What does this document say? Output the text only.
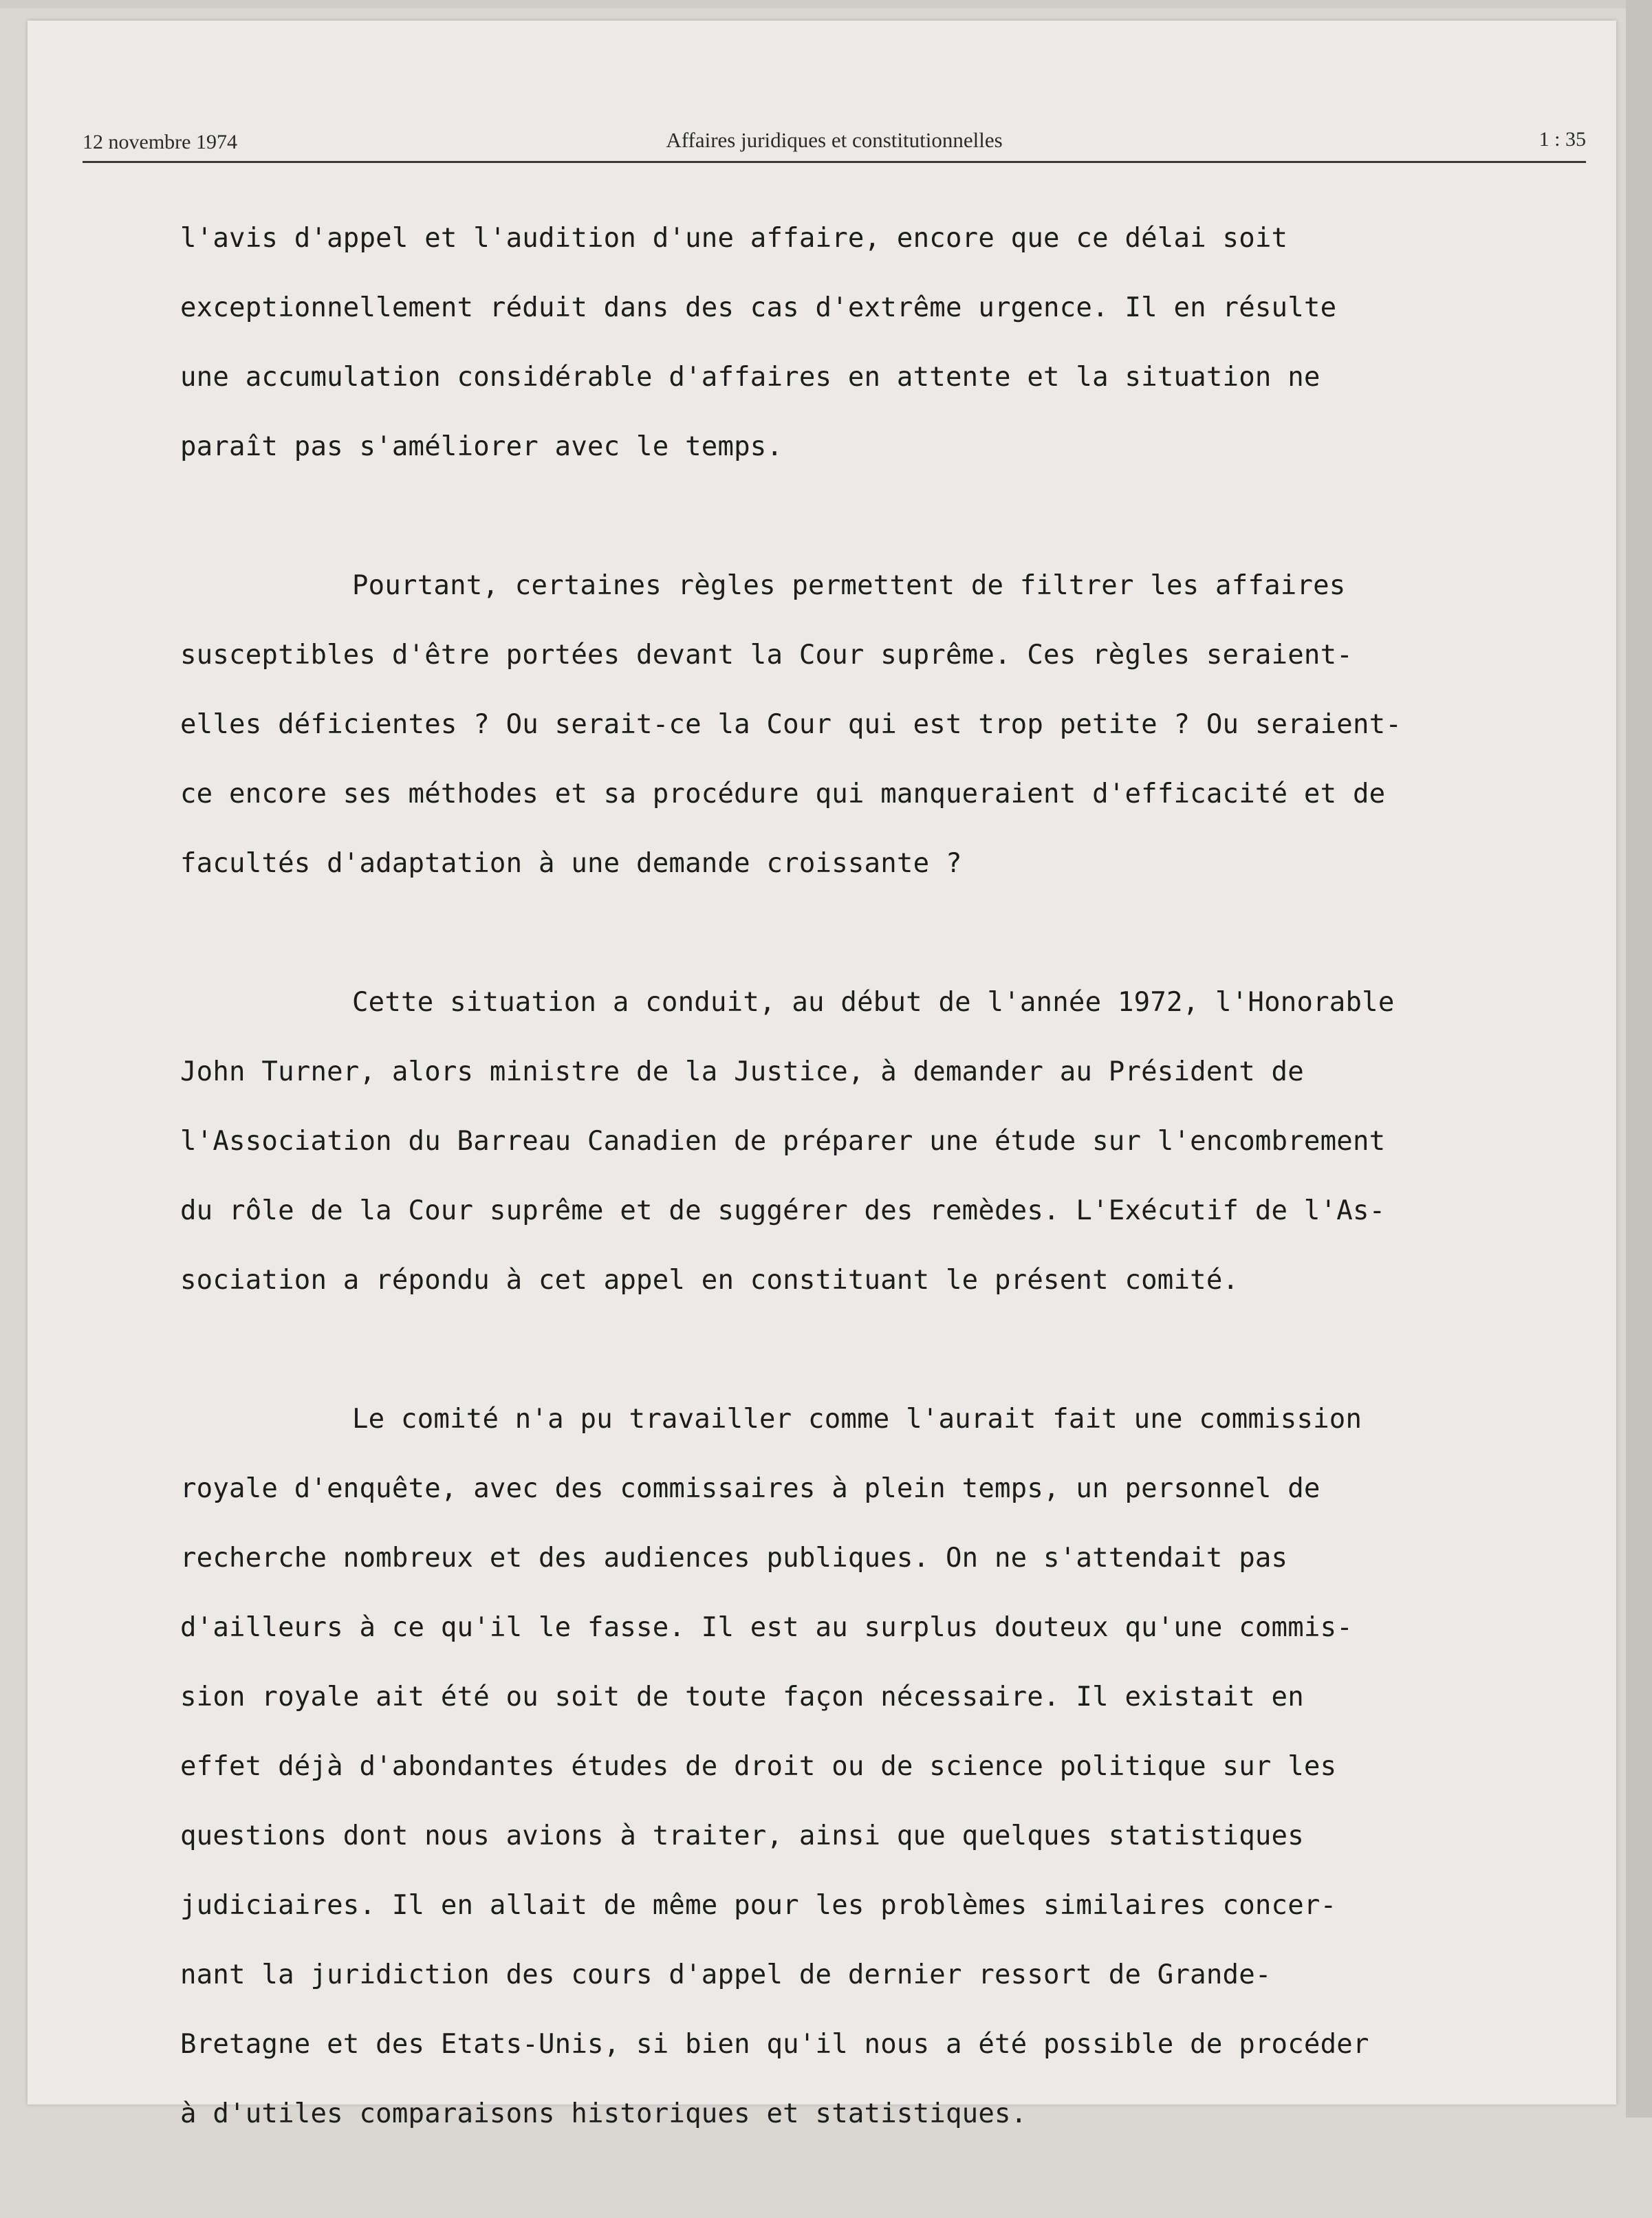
12 novembre 1974	Affaires juridiques et constitutionnelles	1 : 35
l'avis d'appel et l'audition d'une affaire, encore que ce délai soit
exceptionnellement réduit dans des cas d'extrême urgence. Il en résulte
une accumulation considérable d'affaires en attente et la situation ne
paraît pas s'améliorer avec le temps.
Pourtant, certaines règles permettent de filtrer les affaires
susceptibles d'être portées devant la Cour suprême. Ces règles seraient-
elles déficientes ? Ou serait-ce la Cour qui est trop petite ? Ou seraient-
ce encore ses méthodes et sa procédure qui manqueraient d'efficacité et de
facultés d'adaptation à une demande croissante ?
Cette situation a conduit, au début de l'année 1972, l'Honorable
John Turner, alors ministre de la Justice, à demander au Président de
l'Association du Barreau Canadien de préparer une étude sur l'encombrement
du rôle de la Cour suprême et de suggérer des remèdes. L'Exécutif de l'As-
sociation a répondu à cet appel en constituant le présent comité.
Le comité n'a pu travailler comme l'aurait fait une commission
royale d'enquête, avec des commissaires à plein temps, un personnel de
recherche nombreux et des audiences publiques. On ne s'attendait pas
d'ailleurs à ce qu'il le fasse. Il est au surplus douteux qu'une commis-
sion royale ait été ou soit de toute façon nécessaire. Il existait en
effet déjà d'abondantes études de droit ou de science politique sur les
questions dont nous avions à traiter, ainsi que quelques statistiques
judiciaires. Il en allait de même pour les problèmes similaires concer-
nant la juridiction des cours d'appel de dernier ressort de Grande-
Bretagne et des Etats-Unis, si bien qu'il nous a été possible de procéder
à d'utiles comparaisons historiques et statistiques.
